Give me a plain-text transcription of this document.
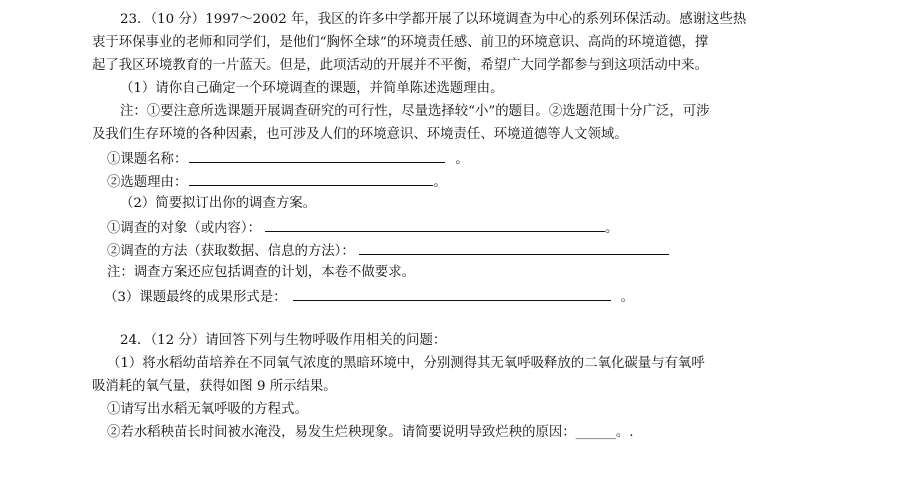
23．（10 分）1997～2002 年，我区的许多中学都开展了以环境调查为中心的系列环保活动。感谢这些热
衷于环保事业的老师和同学们，是他们“胸怀全球”的环境责任感、前卫的环境意识、高尚的环境道德，撑
起了我区环境教育的一片蓝天。但是，此项活动的开展并不平衡，希望广大同学都参与到这项活动中来。
（1）请你自己确定一个环境调查的课题，并简单陈述选题理由。
注：①要注意所选课题开展调查研究的可行性，尽量选择较“小”的题目。②选题范围十分广泛，可涉
及我们生存环境的各种因素，也可涉及人们的环境意识、环境责任、环境道德等人文领域。
①课题名称：	。
②选题理由：	。
（2）简要拟订出你的调查方案。
①调查的对象（或内容）：	。
②调查的方法（获取数据、信息的方法）：
注：调查方案还应包括调查的计划，本卷不做要求。
（3）课题最终的成果形式是：	。
24．（12 分）请回答下列与生物呼吸作用相关的问题：
（1）将水稻幼苗培养在不同氧气浓度的黑暗环境中，分别测得其无氧呼吸释放的二氧化碳量与有氧呼
吸消耗的氧气量，获得如图 9 所示结果。
①请写出水稻无氧呼吸的方程式。
②若水稻秧苗长时间被水淹没，易发生烂秧现象。请简要说明导致烂秧的原因：______。.
